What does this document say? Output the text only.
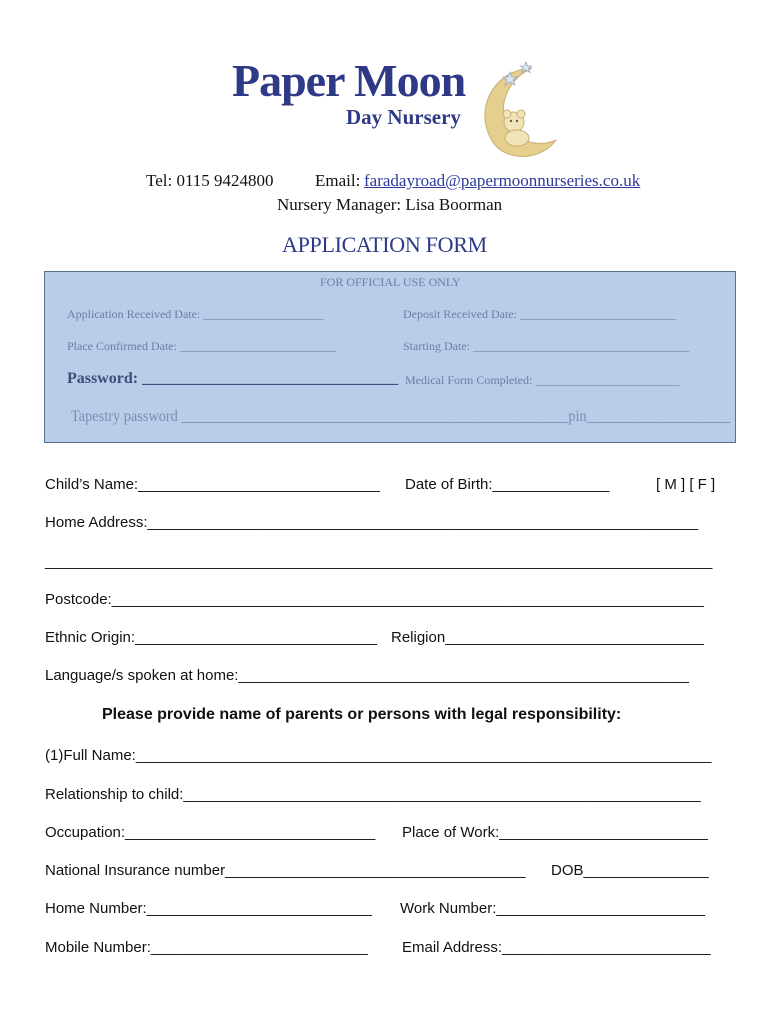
Paper Moon
Day Nursery
Tel: 0115 9424800 Email: faradayroad@papermoonnurseries.co.uk
Nursery Manager: Lisa Boorman
APPLICATION FORM
FOR OFFICIAL USE ONLY
Application Received Date: ____________________	Deposit Received Date: __________________________
Place Confirmed Date: __________________________	Starting Date: ____________________________________
Password: ________________________________ Medical Form Completed: ________________________
Tapestry password ______________________________________________________pin____________________
Child’s Name:_____________________________ Date of Birth:______________	[ M ] [ F ]
Home Address:__________________________________________________________________
________________________________________________________________________________
Postcode:_______________________________________________________________________
Ethnic Origin:_____________________________ Religion_______________________________
Language/s spoken at home:______________________________________________________
Please provide name of parents or persons with legal responsibility:
(1)Full Name:_____________________________________________________________________
Relationship to child:______________________________________________________________
Occupation:______________________________ Place of Work:_________________________
National Insurance number____________________________________ DOB_______________
Home Number:___________________________ Work Number:_________________________
Mobile Number:__________________________ Email Address:_________________________
